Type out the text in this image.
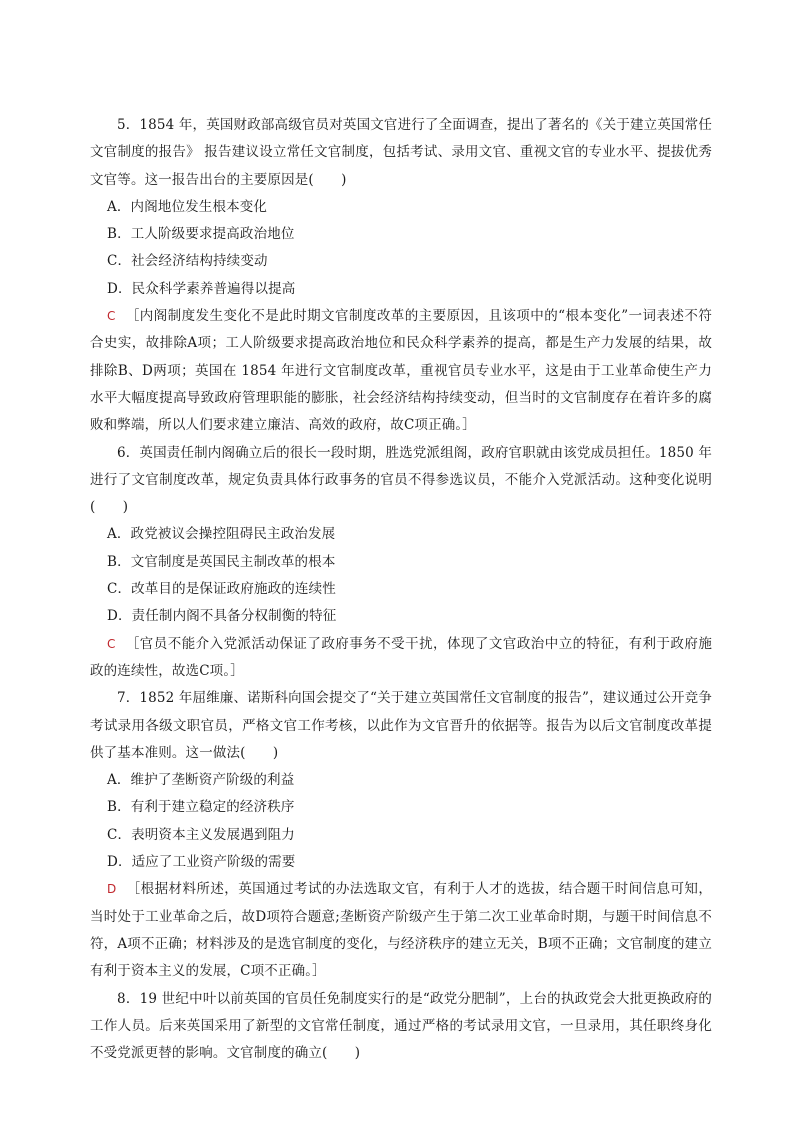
5．1854 年，英国财政部高级官员对英国文官进行了全面调查，提出了著名的《关于建立英国常任文官制度的报告》 报告建议设立常任文官制度，包括考试、录用文官、重视文官的专业水平、提拔优秀文官等。这一报告出台的主要原因是(　　)

A．内阁地位发生根本变化

B．工人阶级要求提高政治地位

C．社会经济结构持续变动

D．民众科学素养普遍得以提高

C ［内阁制度发生变化不是此时期文官制度改革的主要原因，且该项中的“根本变化”一词表述不符合史实，故排除A项；工人阶级要求提高政治地位和民众科学素养的提高，都是生产力发展的结果，故排除B、D两项；英国在 1854 年进行文官制度改革，重视官员专业水平，这是由于工业革命使生产力水平大幅度提高导致政府管理职能的膨胀，社会经济结构持续变动，但当时的文官制度存在着许多的腐败和弊端，所以人们要求建立廉洁、高效的政府，故C项正确。］

6．英国责任制内阁确立后的很长一段时期，胜选党派组阁，政府官职就由该党成员担任。1850 年进行了文官制度改革，规定负责具体行政事务的官员不得参选议员，不能介入党派活动。这种变化说明(　　)

A．政党被议会操控阻碍民主政治发展

B．文官制度是英国民主制改革的根本

C．改革目的是保证政府施政的连续性

D．责任制内阁不具备分权制衡的特征

C ［官员不能介入党派活动保证了政府事务不受干扰，体现了文官政治中立的特征，有利于政府施政的连续性，故选C项。］

7．1852 年屈维廉、诺斯科向国会提交了“关于建立英国常任文官制度的报告”，建议通过公开竞争考试录用各级文职官员，严格文官工作考核，以此作为文官晋升的依据等。报告为以后文官制度改革提供了基本准则。这一做法(　　)

A．维护了垄断资产阶级的利益

B．有利于建立稳定的经济秩序

C．表明资本主义发展遇到阻力

D．适应了工业资产阶级的需要

D ［根据材料所述，英国通过考试的办法选取文官，有利于人才的选拔，结合题干时间信息可知，当时处于工业革命之后，故D项符合题意;垄断资产阶级产生于第二次工业革命时期，与题干时间信息不符，A项不正确；材料涉及的是选官制度的变化，与经济秩序的建立无关，B项不正确；文官制度的建立有利于资本主义的发展，C项不正确。］

8．19 世纪中叶以前英国的官员任免制度实行的是“政党分肥制”，上台的执政党会大批更换政府的工作人员。后来英国采用了新型的文官常任制度，通过严格的考试录用文官，一旦录用，其任职终身化不受党派更替的影响。文官制度的确立(　　)
